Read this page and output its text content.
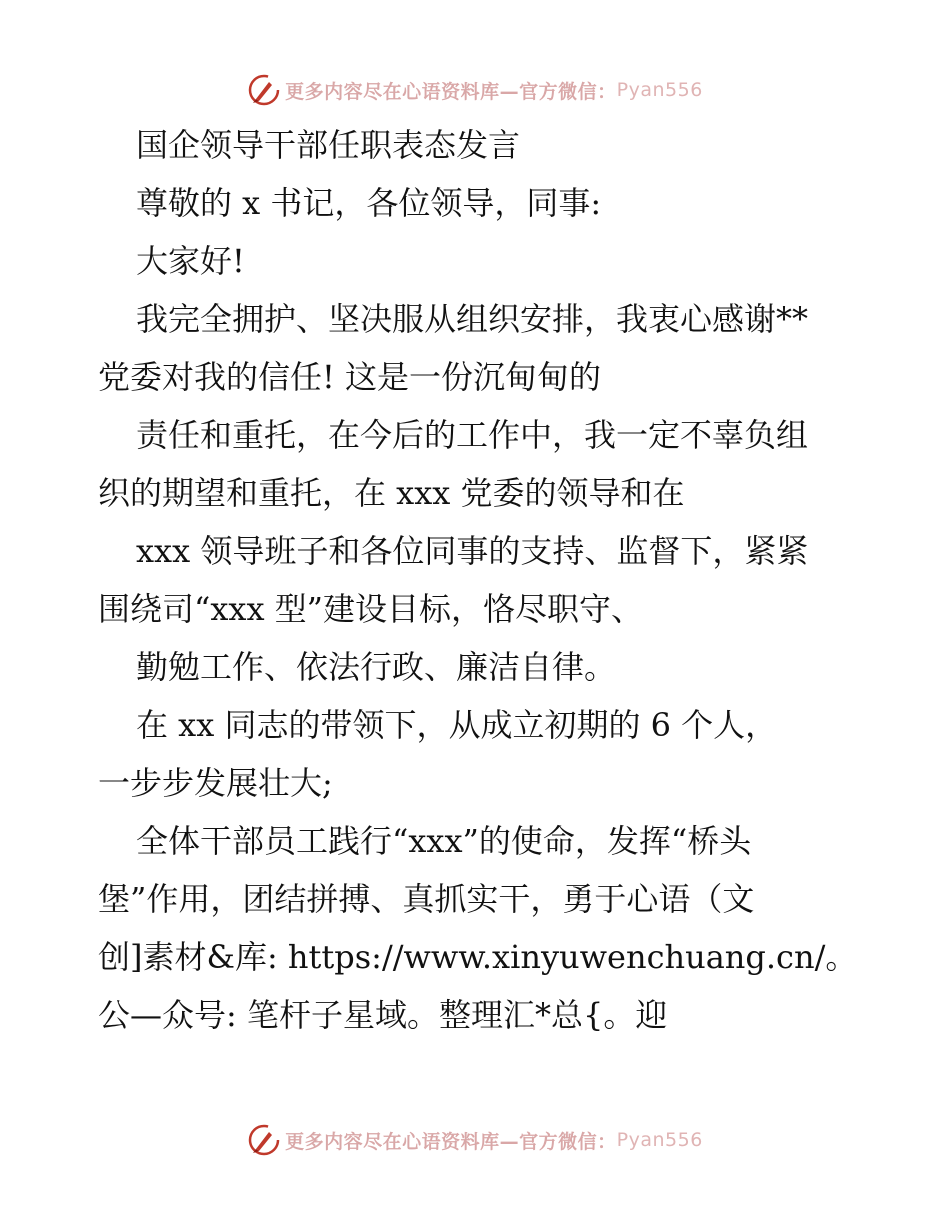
更多内容尽在心语资料库—官方微信： Pyan556
国企领导干部任职表态发言
尊敬的 x 书记，各位领导，同事:
大家好!
我完全拥护、坚决服从组织安排，我衷心感谢**
党委对我的信任! 这是一份沉甸甸的
责任和重托，在今后的工作中，我一定不辜负组
织的期望和重托，在 xxx 党委的领导和在
xxx 领导班子和各位同事的支持、监督下，紧紧
围绕司“xxx 型”建设目标，恪尽职守、
勤勉工作、依法行政、廉洁自律。
在 xx 同志的带领下，从成立初期的 6 个人，
一步步发展壮大;
全体干部员工践行“xxx”的使命，发挥“桥头
堡”作用，团结拼搏、真抓实干，勇于心语（文
创]素材&库: https://www.xinyuwenchuang.cn/。
公—众号: 笔杆子星域。整理汇*总{。迎
更多内容尽在心语资料库—官方微信： Pyan556
